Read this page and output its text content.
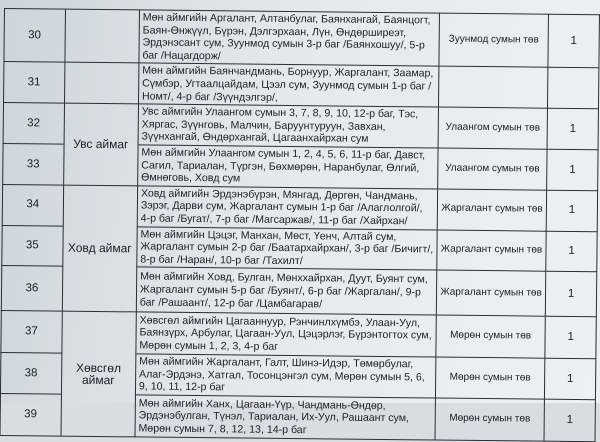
30		Мөн аймгийн Аргалант, Алтанбулаг, Баянхангай, Баянцогт, Баян-Өнжүүл, Бүрэн, Дэлгэрхаан, Лүн, Өндөрширеэт, Эрдэнэсант сум, Зуунмод сумын 3-р баг /Баянхошуу/, 5-р баг /Нацагдорж/	Зуунмод сумын төв	1
31		Мөн аймгийн Баянчандмань, Борнуур, Жаргалант, Заамар, Сүмбэр, Угтаалцайдам, Цээл сум, Зуунмод сумын 1-р баг /Номт/, 4-р баг /Зүүндэлгэр/,		
32	Увс аймаг	Увс аймгийн Улаангом сумын 3, 7, 8, 9, 10, 12-р баг, Тэс, Хяргас, Зүүнговь, Малчин, Баруунтуруун, Завхан, Зүүнхангай, Өндөрхангай, Цагаанхайрхан сум	Улаангом сумын төв	1
33		Мөн аймгийн Улаангом сумын 1, 2, 4, 5, 6, 11-р баг, Давст, Сагил, Тариалан, Түргэн, Бөхмөрөн, Наранбулаг, Өлгий, Өмнөговь, Ховд сум	Улаангом сумын төв	1
34	Ховд аймаг	Ховд аймгийн Эрдэнэбүрэн, Мянгад, Дөргөн, Чандмань, Зэрэг, Дарви сум, Жаргалант сумын 1-р баг /Алаглолгой/, 4-р баг /Бугат/, 7-р баг /Магсаржав/, 11-р баг /Хайрхан/	Жаргалант сумын төв	1
35		Мөн аймгийн Цэцэг, Манхан, Мөст, Үенч, Алтай сум, Жаргалант сумын 2-р баг /Баатархайрхан/, 3-р баг /Бичигт/, 8-р баг /Наран/, 10-р баг /Тахилт/	Жаргалант сумын төв	1
36		Мөн аймгийн Ховд, Булган, Мөнххайрхан, Дуут, Буянт сум, Жаргалант сумын 5-р баг /Буянт/, 6-р баг /Жаргалан/, 9-р баг /Рашаант/, 12-р баг /Цамбагарав/	Жаргалант сумын төв	1
37	Хөвсгөл аймаг	Хөвсгөл аймгийн Цагааннуур, Рэнчинлхүмбэ, Улаан-Уул, Баянзүрх, Арбулаг, Цагаан-Уул, Цэцэрлэг, Бүрэнтогтох сум, Мөрөн сумын 1, 2, 3, 4-р баг	Мөрөн сумын төв	1
38		Мөн аймгийн Жаргалант, Галт, Шинэ-Идэр, Төмөрбулаг, Алаг-Эрдэнэ, Хатгал, Тосонцэнгэл сум, Мөрөн сумын 5, 6, 9, 10, 11, 12-р баг	Мөрөн сумын төв	1
39		Мөн аймгийн Ханх, Цагаан-Үүр, Чандмань-Өндөр, Эрдэнэбулган, Түнэл, Тариалан, Их-Уул, Рашаант сум, Мөрөн сумын 7, 8, 12, 13, 14-р баг	Мөрөн сумын төв	1
